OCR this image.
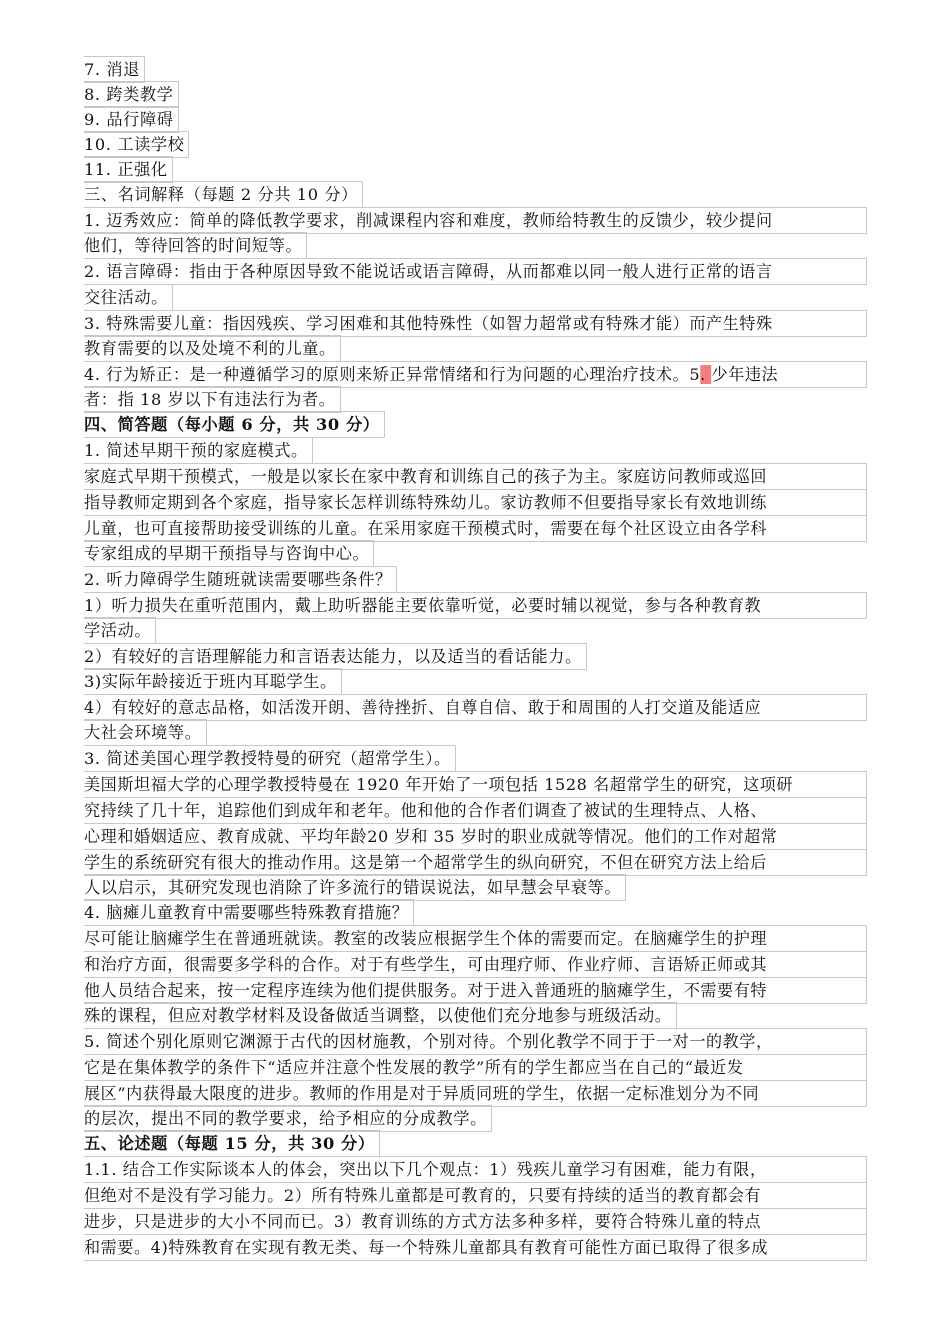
7. 消退
8. 跨类教学
9. 品行障碍
10. 工读学校
11. 正强化
三、名词解释（每题 2 分共 10 分）
1. 迈秀效应：简单的降低教学要求，削减课程内容和难度，教师给特教生的反馈少，较少提问
他们，等待回答的时间短等。
2. 语言障碍：指由于各种原因导致不能说话或语言障碍，从而都难以同一般人进行正常的语言
交往活动。
3. 特殊需要儿童：指因残疾、学习困难和其他特殊性（如智力超常或有特殊才能）而产生特殊
教育需要的以及处境不利的儿童。
4. 行为矫正：是一种遵循学习的原则来矫正异常情绪和行为问题的心理治疗技术。5. 少年违法
者：指 18 岁以下有违法行为者。
四、简答题（每小题 6 分，共 30 分）
1. 简述早期干预的家庭模式。
家庭式早期干预模式，一般是以家长在家中教育和训练自己的孩子为主。家庭访问教师或巡回
指导教师定期到各个家庭，指导家长怎样训练特殊幼儿。家访教师不但要指导家长有效地训练
儿童，也可直接帮助接受训练的儿童。在采用家庭干预模式时，需要在每个社区设立由各学科
专家组成的早期干预指导与咨询中心。
2. 听力障碍学生随班就读需要哪些条件？
1）听力损失在重听范围内，戴上助听器能主要依靠听觉，必要时辅以视觉，参与各种教育教
学活动。
2）有较好的言语理解能力和言语表达能力，以及适当的看话能力。
3)实际年龄接近于班内耳聪学生。
4）有较好的意志品格，如活泼开朗、善待挫折、自尊自信、敢于和周围的人打交道及能适应
大社会环境等。
3. 简述美国心理学教授特曼的研究（超常学生）。
美国斯坦福大学的心理学教授特曼在 1920 年开始了一项包括 1528 名超常学生的研究，这项研
究持续了几十年，追踪他们到成年和老年。他和他的合作者们调查了被试的生理特点、人格、
心理和婚姻适应、教育成就、平均年龄20 岁和 35 岁时的职业成就等情况。他们的工作对超常
学生的系统研究有很大的推动作用。这是第一个超常学生的纵向研究，不但在研究方法上给后
人以启示，其研究发现也消除了许多流行的错误说法，如早慧会早衰等。
4. 脑瘫儿童教育中需要哪些特殊教育措施？
尽可能让脑瘫学生在普通班就读。教室的改装应根据学生个体的需要而定。在脑瘫学生的护理
和治疗方面，很需要多学科的合作。对于有些学生，可由理疗师、作业疗师、言语矫正师或其
他人员结合起来，按一定程序连续为他们提供服务。对于进入普通班的脑瘫学生，不需要有特
殊的课程，但应对教学材料及设备做适当调整，以使他们充分地参与班级活动。
5. 简述个别化原则它渊源于古代的因材施教，个别对待。个别化教学不同于于一对一的教学，
它是在集体教学的条件下“适应并注意个性发展的教学”所有的学生都应当在自己的“最近发
展区”内获得最大限度的进步。教师的作用是对于异质同班的学生，依据一定标准划分为不同
的层次，提出不同的教学要求，给予相应的分成教学。
五、论述题（每题 15 分，共 30 分）
1.1. 结合工作实际谈本人的体会，突出以下几个观点：1）残疾儿童学习有困难，能力有限，
但绝对不是没有学习能力。2）所有特殊儿童都是可教育的，只要有持续的适当的教育都会有
进步，只是进步的大小不同而已。3）教育训练的方式方法多种多样，要符合特殊儿童的特点
和需要。4)特殊教育在实现有教无类、每一个特殊儿童都具有教育可能性方面已取得了很多成
